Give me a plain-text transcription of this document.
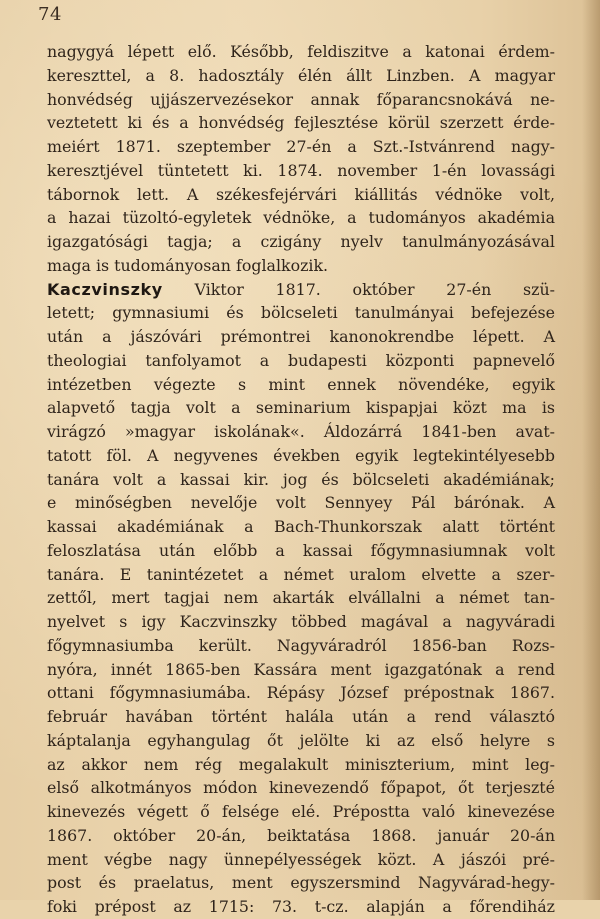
74
nagygyá lépett elő. Később, feldiszitve a katonai érdem-
kereszttel, a 8. hadosztály élén állt Linzben. A magyar
honvédség ujjászervezésekor annak főparancsnokává ne-
veztetett ki és a honvédség fejlesztése körül szerzett érde-
meiért 1871. szeptember 27-én a Szt.-Istvánrend nagy-
keresztjével tüntetett ki. 1874. november 1-én lovassági
tábornok lett. A székesfejérvári kiállitás védnöke volt,
a hazai tüzoltó-egyletek védnöke, a tudományos akadémia
igazgatósági tagja; a czigány nyelv tanulmányozásával
maga is tudományosan foglalkozik.
Kaczvinszky Viktor 1817. október 27-én szü-
letett; gymnasiumi és bölcseleti tanulmányai befejezése
után a jászóvári prémontrei kanonokrendbe lépett. A
theologiai tanfolyamot a budapesti központi papnevelő
intézetben végezte s mint ennek növendéke, egyik
alapvető tagja volt a seminarium kispapjai közt ma is
virágzó »magyar iskolának«. Áldozárrá 1841-ben avat-
tatott föl. A negyvenes években egyik legtekintélyesebb
tanára volt a kassai kir. jog és bölcseleti akadémiának;
e minőségben nevelője volt Sennyey Pál bárónak. A
kassai akadémiának a Bach-Thunkorszak alatt történt
feloszlatása után előbb a kassai főgymnasiumnak volt
tanára. E tanintézetet a német uralom elvette a szer-
zettől, mert tagjai nem akarták elvállalni a német tan-
nyelvet s igy Kaczvinszky többed magával a nagyváradi
főgymnasiumba került. Nagyváradról 1856-ban Rozs-
nyóra, innét 1865-ben Kassára ment igazgatónak a rend
ottani főgymnasiumába. Répásy József prépostnak 1867.
február havában történt halála után a rend választó
káptalanja egyhangulag őt jelölte ki az első helyre s
az akkor nem rég megalakult miniszterium, mint leg-
első alkotmányos módon kinevezendő főpapot, őt terjeszté
kinevezés végett ő felsége elé. Prépostta való kinevezése
1867. október 20-án, beiktatása 1868. január 20-án
ment végbe nagy ünnepélyességek közt. A jászói pré-
post és praelatus, ment egyszersmind Nagyvárad-hegy-
foki prépost az 1715: 73. t-cz. alapján a főrendiház
